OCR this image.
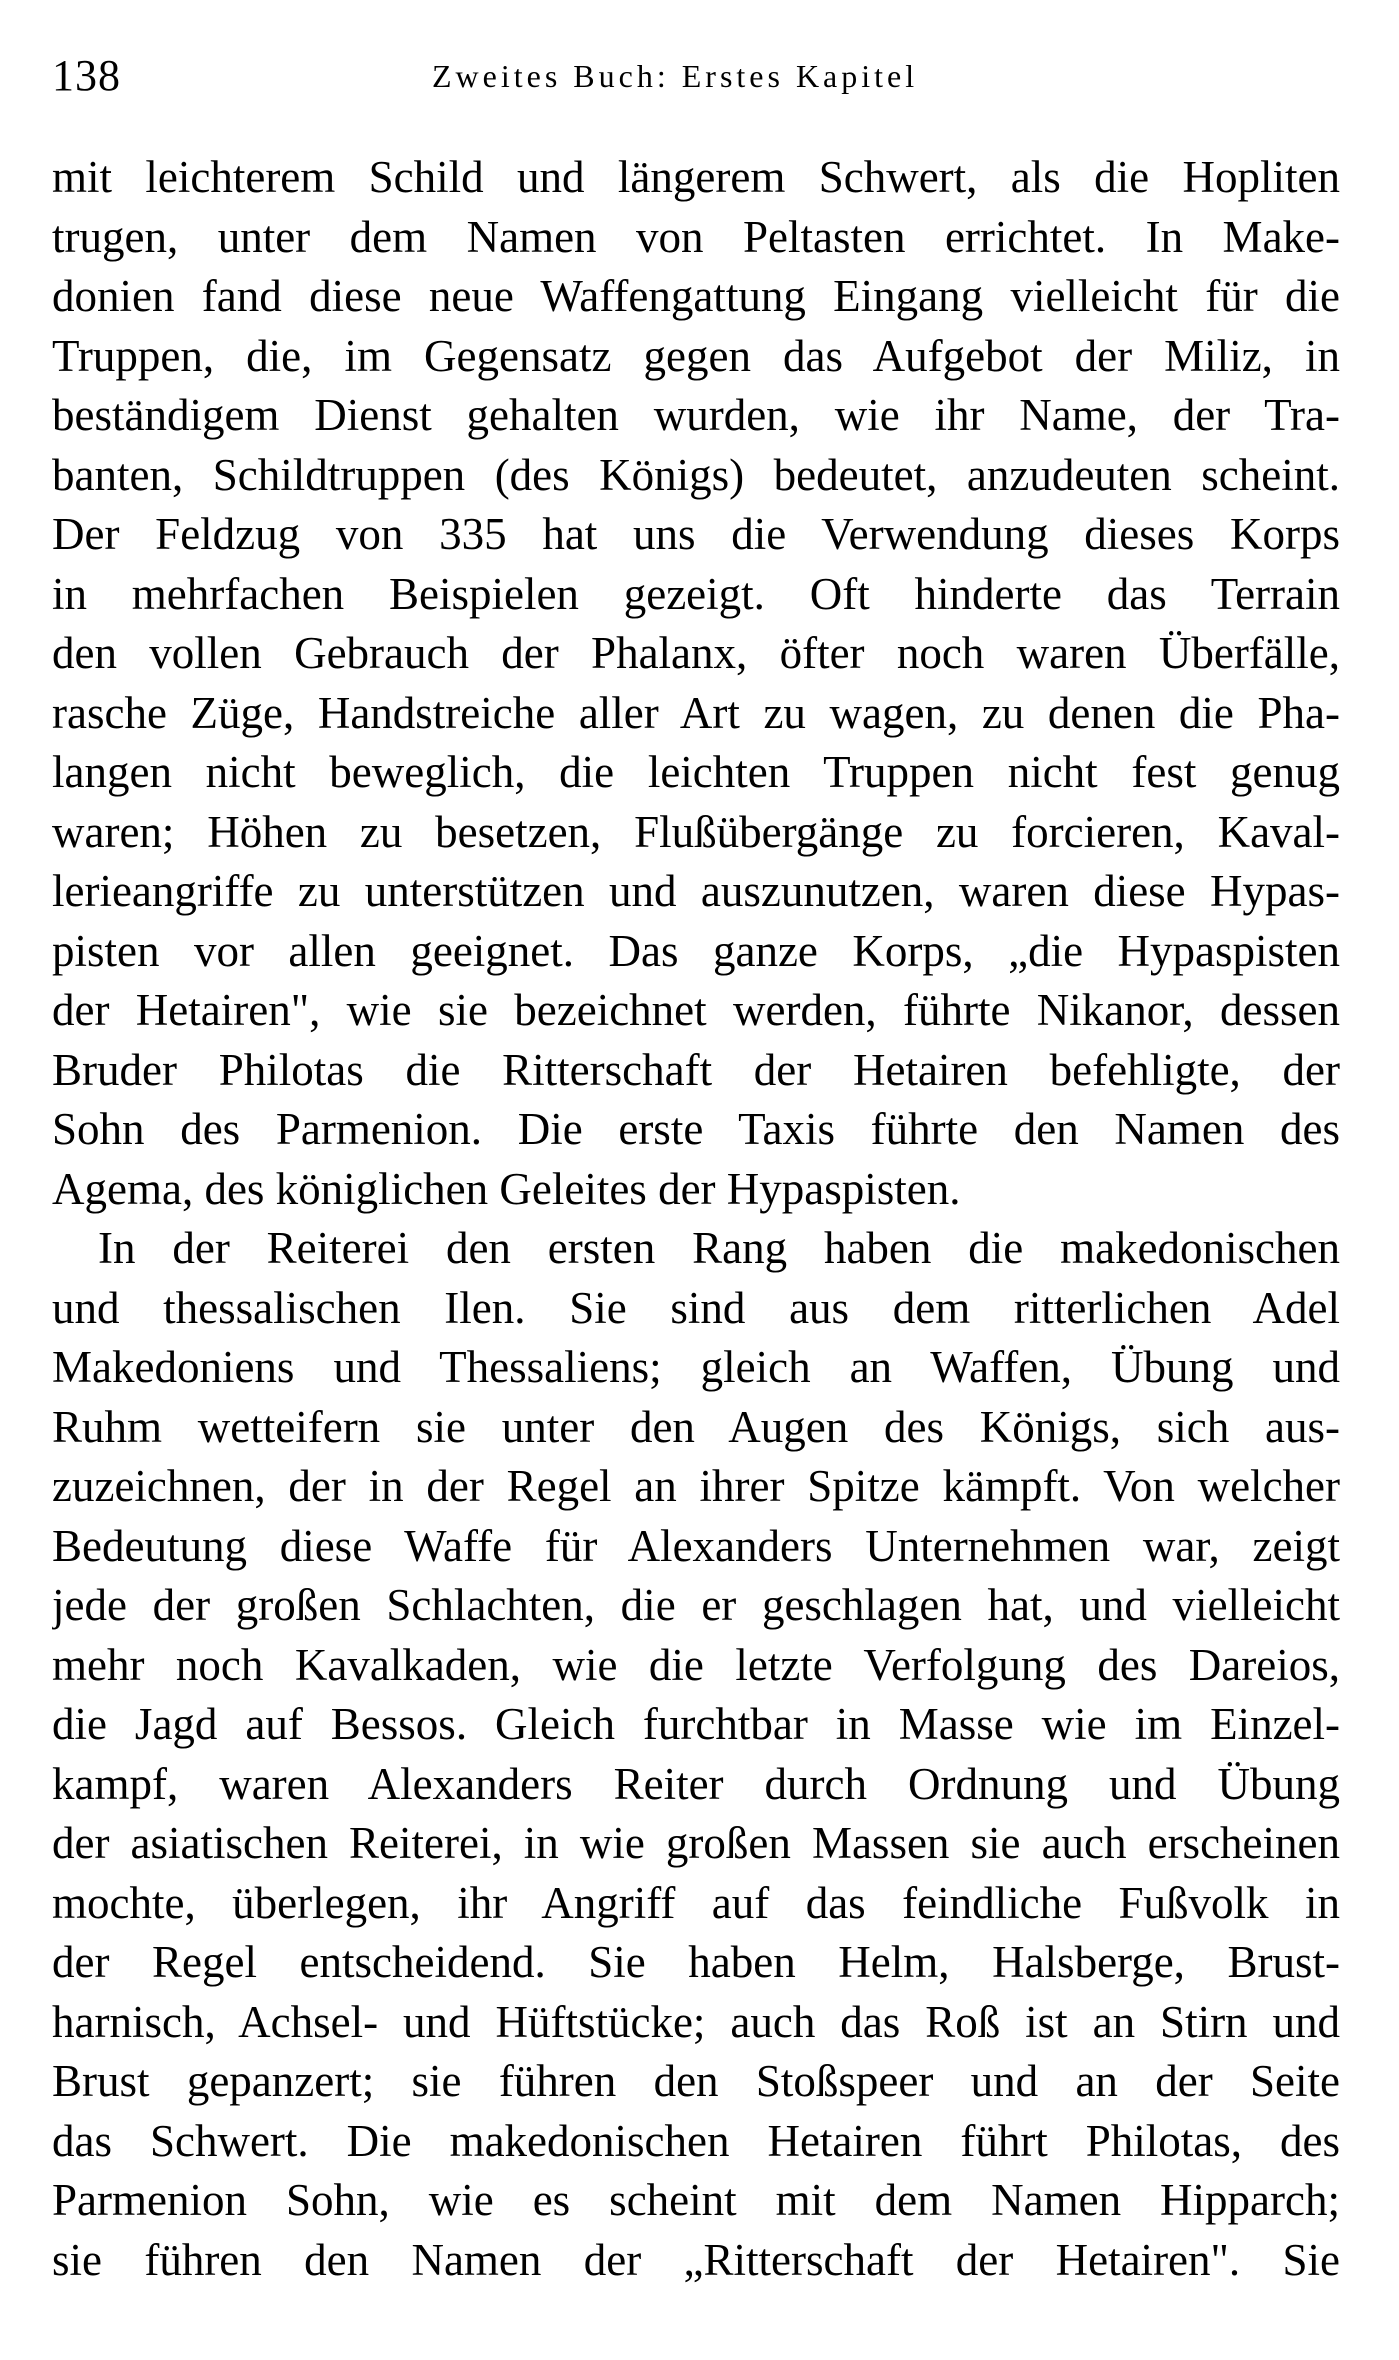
138	Zweites Buch: Erstes Kapitel
mit leichterem Schild und längerem Schwert, als die Hopliten
trugen, unter dem Namen von Peltasten errichtet. In Make-
donien fand diese neue Waffengattung Eingang vielleicht für die
Truppen, die, im Gegensatz gegen das Aufgebot der Miliz, in
beständigem Dienst gehalten wurden, wie ihr Name, der Tra-
banten, Schildtruppen (des Königs) bedeutet, anzudeuten scheint.
Der Feldzug von 335 hat uns die Verwendung dieses Korps
in mehrfachen Beispielen gezeigt. Oft hinderte das Terrain
den vollen Gebrauch der Phalanx, öfter noch waren Überfälle,
rasche Züge, Handstreiche aller Art zu wagen, zu denen die Pha-
langen nicht beweglich, die leichten Truppen nicht fest genug
waren; Höhen zu besetzen, Flußübergänge zu forcieren, Kaval-
lerieangriffe zu unterstützen und auszunutzen, waren diese Hypas-
pisten vor allen geeignet. Das ganze Korps, „die Hypaspisten
der Hetairen", wie sie bezeichnet werden, führte Nikanor, dessen
Bruder Philotas die Ritterschaft der Hetairen befehligte, der
Sohn des Parmenion. Die erste Taxis führte den Namen des
Agema, des königlichen Geleites der Hypaspisten.
In der Reiterei den ersten Rang haben die makedonischen
und thessalischen Ilen. Sie sind aus dem ritterlichen Adel
Makedoniens und Thessaliens; gleich an Waffen, Übung und
Ruhm wetteifern sie unter den Augen des Königs, sich aus-
zuzeichnen, der in der Regel an ihrer Spitze kämpft. Von welcher
Bedeutung diese Waffe für Alexanders Unternehmen war, zeigt
jede der großen Schlachten, die er geschlagen hat, und vielleicht
mehr noch Kavalkaden, wie die letzte Verfolgung des Dareios,
die Jagd auf Bessos. Gleich furchtbar in Masse wie im Einzel-
kampf, waren Alexanders Reiter durch Ordnung und Übung
der asiatischen Reiterei, in wie großen Massen sie auch erscheinen
mochte, überlegen, ihr Angriff auf das feindliche Fußvolk in
der Regel entscheidend. Sie haben Helm, Halsberge, Brust-
harnisch, Achsel- und Hüftstücke; auch das Roß ist an Stirn und
Brust gepanzert; sie führen den Stoßspeer und an der Seite
das Schwert. Die makedonischen Hetairen führt Philotas, des
Parmenion Sohn, wie es scheint mit dem Namen Hipparch;
sie führen den Namen der „Ritterschaft der Hetairen". Sie
